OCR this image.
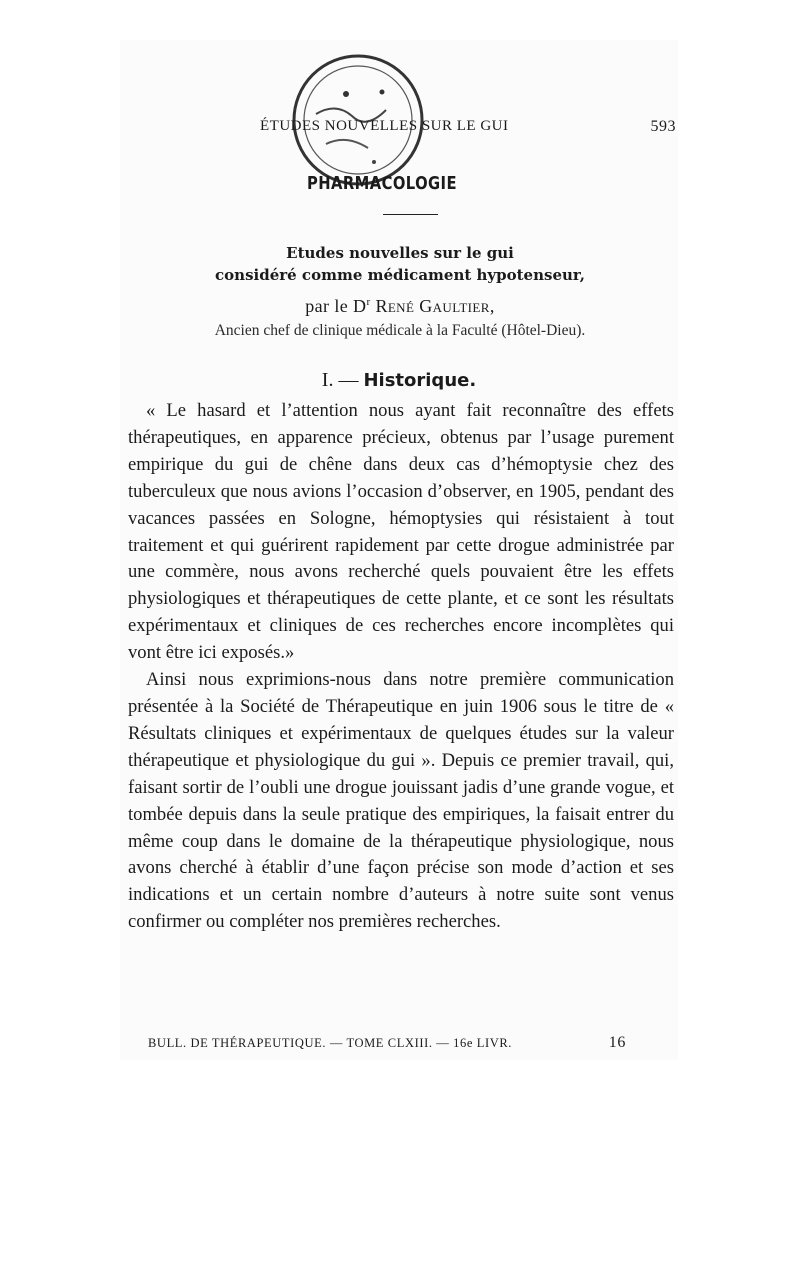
ÉTUDES NOUVELLES SUR LE GUI	593
PHARMACOLOGIE
Etudes nouvelles sur le gui
considéré comme médicament hypotenseur,
par le $D^r$ René Gaultier,
Ancien chef de clinique médicale à la Faculté (Hôtel-Dieu).
I. — Historique.

« Le hasard et l’attention nous ayant fait reconnaître des effets thérapeutiques, en apparence précieux, obtenus par l’usage purement empirique du gui de chêne dans deux cas d’hémoptysie chez des tuberculeux que nous avions l’occasion d’observer, en 1905, pendant des vacances passées en Sologne, hémoptysies qui résistaient à tout traitement et qui guérirent rapidement par cette drogue administrée par une commère, nous avons recherché quels pouvaient être les effets physiologiques et thérapeutiques de cette plante, et ce sont les résultats expérimentaux et cliniques de ces recherches encore incomplètes qui vont être ici exposés.»

Ainsi nous exprimions-nous dans notre première communication présentée à la Société de Thérapeutique en juin 1906 sous le titre de « Résultats cliniques et expérimentaux de quelques études sur la valeur thérapeutique et physiologique du gui ». Depuis ce premier travail, qui, faisant sortir de l’oubli une drogue jouissant jadis d’une grande vogue, et tombée depuis dans la seule pratique des empiriques, la faisait entrer du même coup dans le domaine de la thérapeutique physiologique, nous avons cherché à établir d’une façon précise son mode d’action et ses indications et un certain nombre d’auteurs à notre suite sont venus confirmer ou compléter nos premières recherches.

BULL. DE THÉRAPEUTIQUE. — TOME CLXIII. — 16e LIVR.	16
